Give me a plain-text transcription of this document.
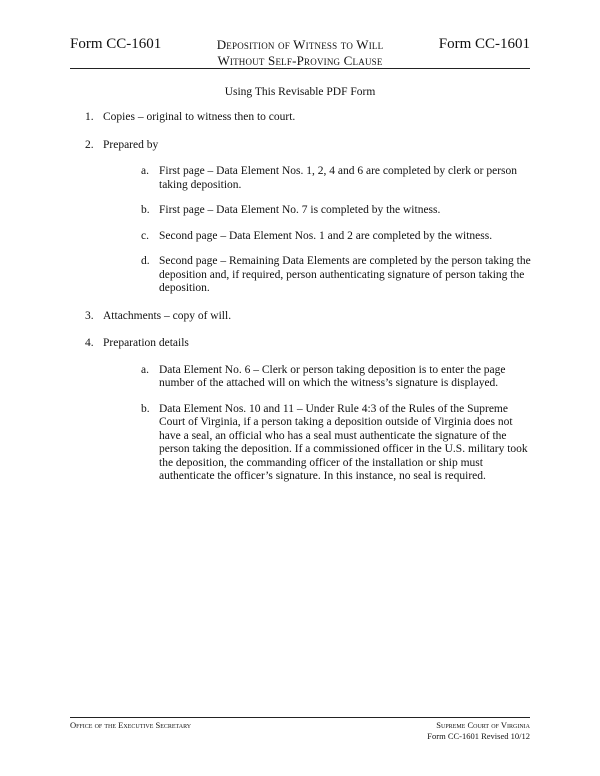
Form CC-1601	Deposition of Witness to Will
Without Self-Proving Clause
Form CC-1601
Using This Revisable PDF Form
1. Copies – original to witness then to court.
2. Prepared by
a. First page – Data Element Nos. 1, 2, 4 and 6 are completed by clerk or person taking deposition.
b. First page – Data Element No. 7 is completed by the witness.
c. Second page – Data Element Nos. 1 and 2 are completed by the witness.
d. Second page – Remaining Data Elements are completed by the person taking the deposition and, if required, person authenticating signature of person taking the deposition.
3. Attachments – copy of will.
4. Preparation details
a. Data Element No. 6 – Clerk or person taking deposition is to enter the page number of the attached will on which the witness’s signature is displayed.
b. Data Element Nos. 10 and 11 – Under Rule 4:3 of the Rules of the Supreme Court of Virginia, if a person taking a deposition outside of Virginia does not have a seal, an official who has a seal must authenticate the signature of the person taking the deposition. If a commissioned officer in the U.S. military took the deposition, the commanding officer of the installation or ship must authenticate the officer’s signature. In this instance, no seal is required.
Office of the Executive Secretary	Supreme Court of Virginia
Form CC-1601 Revised 10/12
